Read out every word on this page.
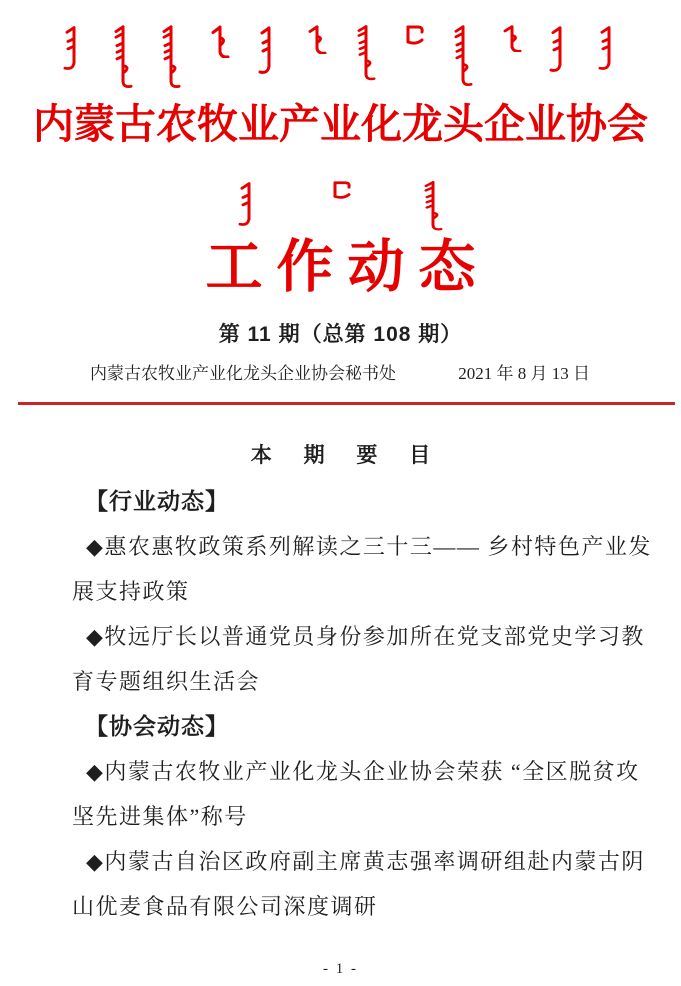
内蒙古农牧业产业化龙头企业协会
工作动态
第 11 期（总第 108 期）
内蒙古农牧业产业化龙头企业协会秘书处	2021 年 8 月 13 日
本 期 要 目
【行业动态】
◆惠农惠牧政策系列解读之三十三—— 乡村特色产业发
展支持政策
◆牧远厅长以普通党员身份参加所在党支部党史学习教
育专题组织生活会
【协会动态】
◆内蒙古农牧业产业化龙头企业协会荣获 “全区脱贫攻
坚先进集体”称号
◆内蒙古自治区政府副主席黄志强率调研组赴内蒙古阴
山优麦食品有限公司深度调研
- 1 -
